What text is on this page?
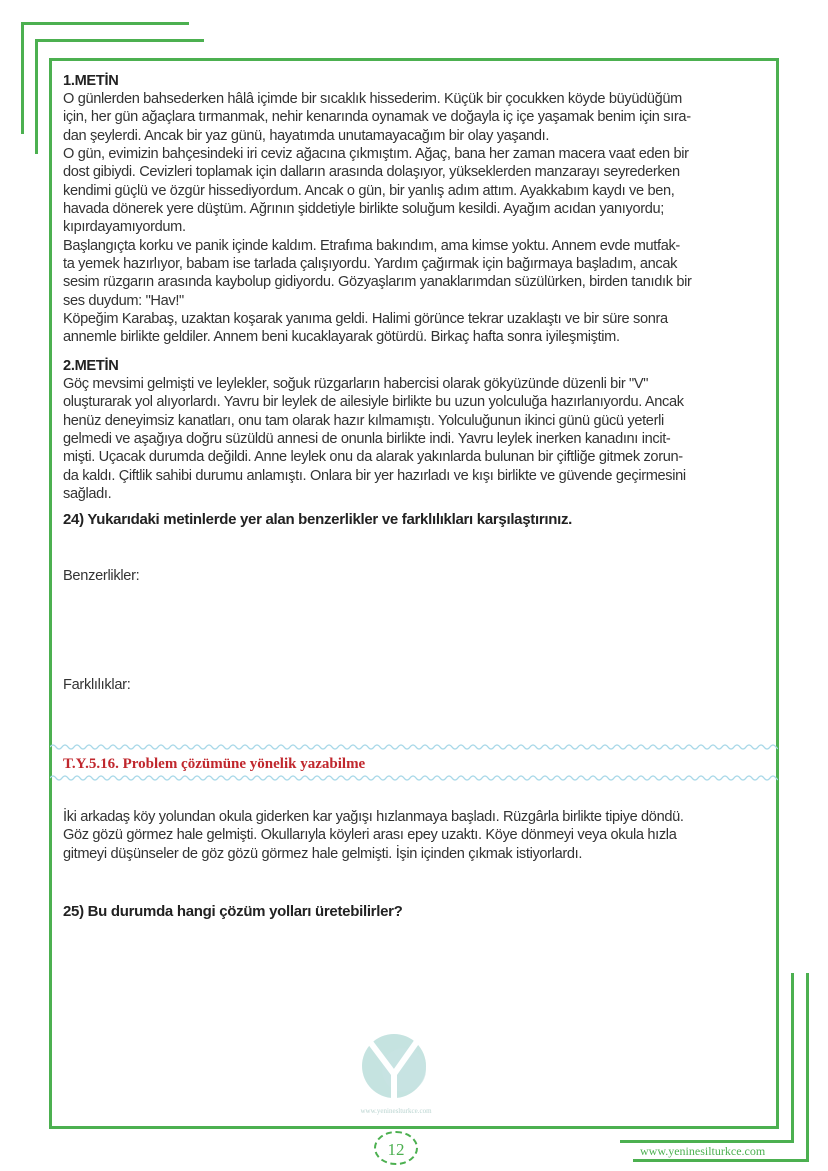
1.METİN
O günlerden bahsederken hâlâ içimde bir sıcaklık hissederim. Küçük bir çocukken köyde büyüdüğüm
için, her gün ağaçlara tırmanmak, nehir kenarında oynamak ve doğayla iç içe yaşamak benim için sıra-
dan şeylerdi. Ancak bir yaz günü, hayatımda unutamayacağım bir olay yaşandı.
O gün, evimizin bahçesindeki iri ceviz ağacına çıkmıştım. Ağaç, bana her zaman macera vaat eden bir
dost gibiydi. Cevizleri toplamak için dalların arasında dolaşıyor, yükseklerden manzarayı seyrederken
kendimi güçlü ve özgür hissediyordum. Ancak o gün, bir yanlış adım attım. Ayakkabım kaydı ve ben,
havada dönerek yere düştüm. Ağrının şiddetiyle birlikte soluğum kesildi. Ayağım acıdan yanıyordu;
kıpırdayamıyordum.
Başlangıçta korku ve panik içinde kaldım. Etrafıma bakındım, ama kimse yoktu. Annem evde mutfak-
ta yemek hazırlıyor, babam ise tarlada çalışıyordu. Yardım çağırmak için bağırmaya başladım, ancak
sesim rüzgarın arasında kaybolup gidiyordu. Gözyaşlarım yanaklarımdan süzülürken, birden tanıdık bir
ses duydum: "Hav!"
Köpeğim Karabaş, uzaktan koşarak yanıma geldi. Halimi görünce tekrar uzaklaştı ve bir süre sonra
annemle birlikte geldiler. Annem beni kucaklayarak götürdü. Birkaç hafta sonra iyileşmiştim.
2.METİN
Göç mevsimi gelmişti ve leylekler, soğuk rüzgarların habercisi olarak gökyüzünde düzenli bir "V"
oluşturarak yol alıyorlardı. Yavru bir leylek de ailesiyle birlikte bu uzun yolculuğa hazırlanıyordu. Ancak
henüz deneyimsiz kanatları, onu tam olarak hazır kılmamıştı. Yolculuğunun ikinci günü gücü yeterli
gelmedi ve aşağıya doğru süzüldü annesi de onunla birlikte indi. Yavru leylek inerken kanadını incit-
mişti. Uçacak durumda değildi. Anne leylek onu da alarak yakınlarda bulunan bir çiftliğe gitmek zorun-
da kaldı. Çiftlik sahibi durumu anlamıştı. Onlara bir yer hazırladı ve kışı birlikte ve güvende geçirmesini
sağladı.
24) Yukarıdaki metinlerde yer alan benzerlikler ve farklılıkları karşılaştırınız.
Benzerlikler:
Farklılıklar:
T.Y.5.16. Problem çözümüne yönelik yazabilme
İki arkadaş köy yolundan okula giderken kar yağışı hızlanmaya başladı. Rüzgârla birlikte tipiye döndü.
Göz gözü görmez hale gelmişti. Okullarıyla köyleri arası epey uzaktı. Köye dönmeyi veya okula hızla
gitmeyi düşünseler de göz gözü görmez hale gelmişti. İşin içinden çıkmak istiyorlardı.
25) Bu durumda hangi çözüm yolları üretebilirler?
www.yenineslturkce.com
12	www.yeninesilturkce.com
